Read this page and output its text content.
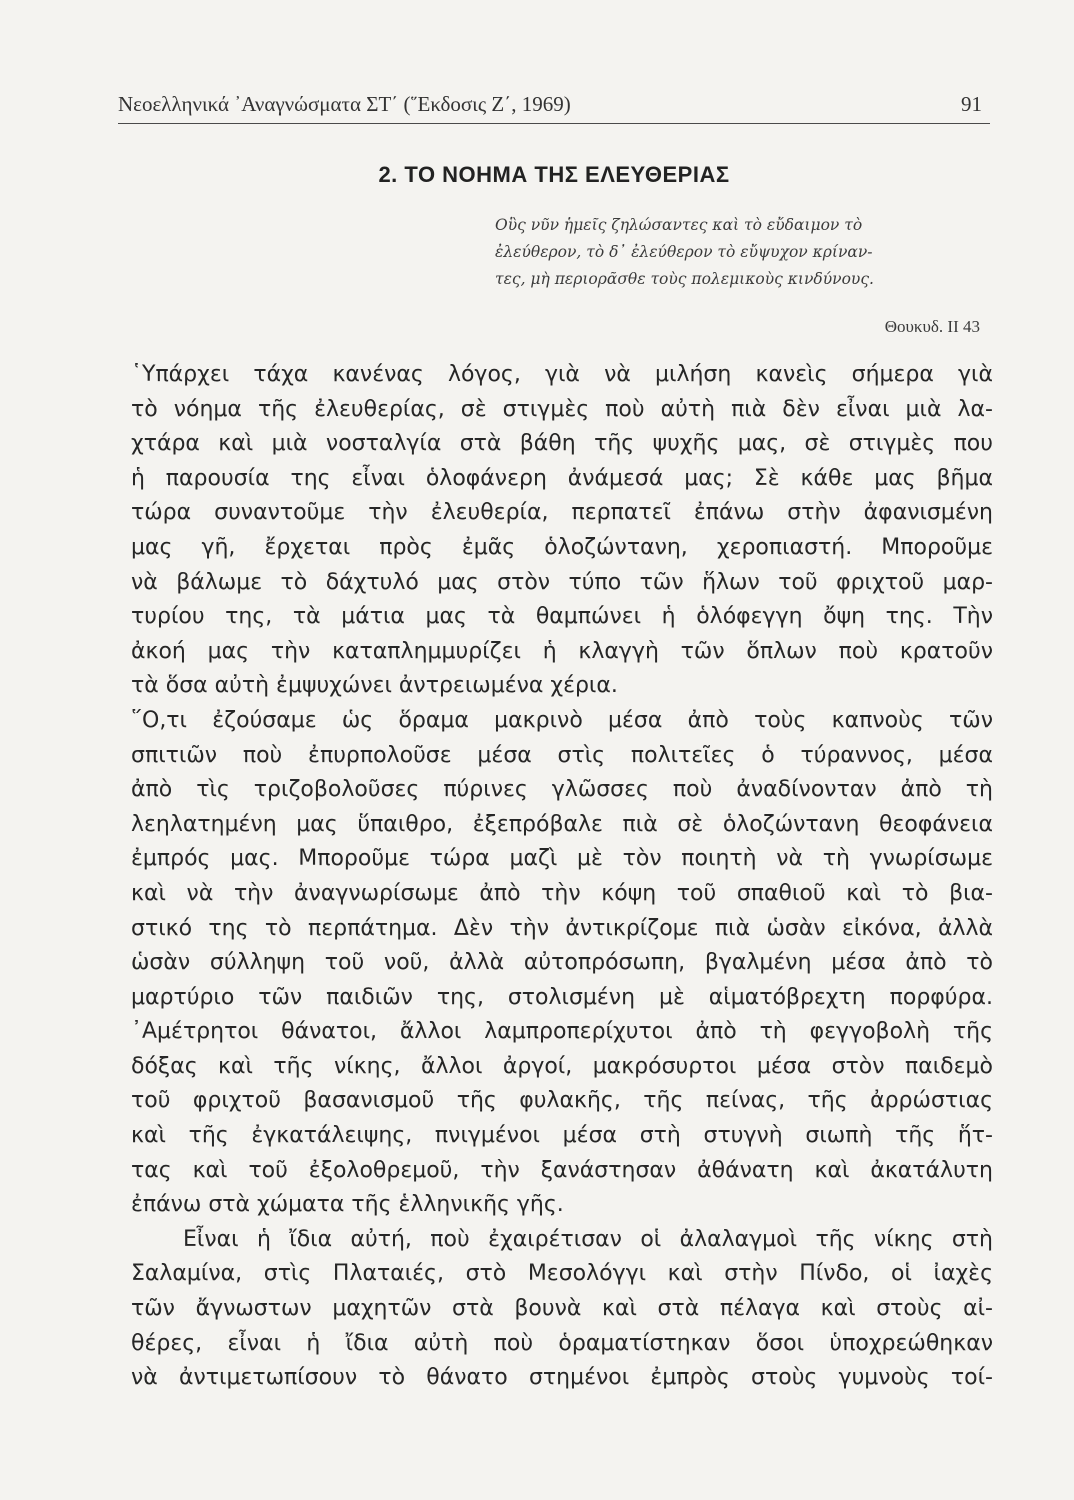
Νεοελληνικά ᾿Αναγνώσματα ΣΤ΄ (῞Εκδοσις Ζ΄, 1969)	91
2. ΤΟ ΝΟΗΜΑ ΤΗΣ ΕΛΕΥΘΕΡΙΑΣ
Οὓς νῦν ἡμεῖς ζηλώσαντες καὶ τὸ εὔδαιμον τὸ
ἐλεύθερον, τὸ δ᾿ ἐλεύθερον τὸ εὔψυχον κρίναν-
τες, μὴ περιορᾶσθε τοὺς πολεμικοὺς κινδύνους.
Θουκυδ. ΙΙ 43
῾Υπάρχει τάχα κανένας λόγος, γιὰ νὰ μιλήση κανεὶς σήμερα γιὰ
τὸ νόημα τῆς ἐλευθερίας, σὲ στιγμὲς ποὺ αὐτὴ πιὰ δὲν εἶναι μιὰ λα-
χτάρα καὶ μιὰ νοσταλγία στὰ βάθη τῆς ψυχῆς μας, σὲ στιγμὲς που
ἡ παρουσία της εἶναι ὁλοφάνερη ἀνάμεσά μας; Σὲ κάθε μας βῆμα
τώρα συναντοῦμε τὴν ἐλευθερία, περπατεῖ ἐπάνω στὴν ἀφανισμένη
μας γῆ, ἔρχεται πρὸς ἐμᾶς ὁλοζώντανη, χεροπιαστή. Μποροῦμε
νὰ βάλωμε τὸ δάχτυλό μας στὸν τύπο τῶν ἥλων τοῦ φριχτοῦ μαρ-
τυρίου της, τὰ μάτια μας τὰ θαμπώνει ἡ ὁλόφεγγη ὄψη της. Τὴν
ἀκοή μας τὴν καταπλημμυρίζει ἡ κλαγγὴ τῶν ὅπλων ποὺ κρατοῦν
τὰ ὅσα αὐτὴ ἐμψυχώνει ἀντρειωμένα χέρια.
῞Ο,τι ἐζούσαμε ὡς ὅραμα μακρινὸ μέσα ἀπὸ τοὺς καπνοὺς τῶν
σπιτιῶν ποὺ ἐπυρπολοῦσε μέσα στὶς πολιτεῖες ὁ τύραννος, μέσα
ἀπὸ τὶς τριζοβολοῦσες πύρινες γλῶσσες ποὺ ἀναδίνονταν ἀπὸ τὴ
λεηλατημένη μας ὕπαιθρο, ἐξεπρόβαλε πιὰ σὲ ὁλοζώντανη θεοφάνεια
ἐμπρός μας. Μποροῦμε τώρα μαζὶ μὲ τὸν ποιητὴ νὰ τὴ γνωρίσωμε
καὶ νὰ τὴν ἀναγνωρίσωμε ἀπὸ τὴν κόψη τοῦ σπαθιοῦ καὶ τὸ βια-
στικό της τὸ περπάτημα. Δὲν τὴν ἀντικρίζομε πιὰ ὡσὰν εἰκόνα, ἀλλὰ
ὡσὰν σύλληψη τοῦ νοῦ, ἀλλὰ αὐτοπρόσωπη, βγαλμένη μέσα ἀπὸ τὸ
μαρτύριο τῶν παιδιῶν της, στολισμένη μὲ αἱματόβρεχτη πορφύρα.
᾿Αμέτρητοι θάνατοι, ἄλλοι λαμπροπερίχυτοι ἀπὸ τὴ φεγγοβολὴ τῆς
δόξας καὶ τῆς νίκης, ἄλλοι ἀργοί, μακρόσυρτοι μέσα στὸν παιδεμὸ
τοῦ φριχτοῦ βασανισμοῦ τῆς φυλακῆς, τῆς πείνας, τῆς ἀρρώστιας
καὶ τῆς ἐγκατάλειψης, πνιγμένοι μέσα στὴ στυγνὴ σιωπὴ τῆς ἥτ-
τας καὶ τοῦ ἐξολοθρεμοῦ, τὴν ξανάστησαν ἀθάνατη καὶ ἀκατάλυτη
ἐπάνω στὰ χώματα τῆς ἑλληνικῆς γῆς.
Εἶναι ἡ ἴδια αὐτή, ποὺ ἐχαιρέτισαν οἱ ἀλαλαγμοὶ τῆς νίκης στὴ
Σαλαμίνα, στὶς Πλαταιές, στὸ Μεσολόγγι καὶ στὴν Πίνδο, οἱ ἰαχὲς
τῶν ἄγνωστων μαχητῶν στὰ βουνὰ καὶ στὰ πέλαγα καὶ στοὺς αἰ-
θέρες, εἶναι ἡ ἴδια αὐτὴ ποὺ ὁραματίστηκαν ὅσοι ὑποχρεώθηκαν
νὰ ἀντιμετωπίσουν τὸ θάνατο στημένοι ἐμπρὸς στοὺς γυμνοὺς τοί-
